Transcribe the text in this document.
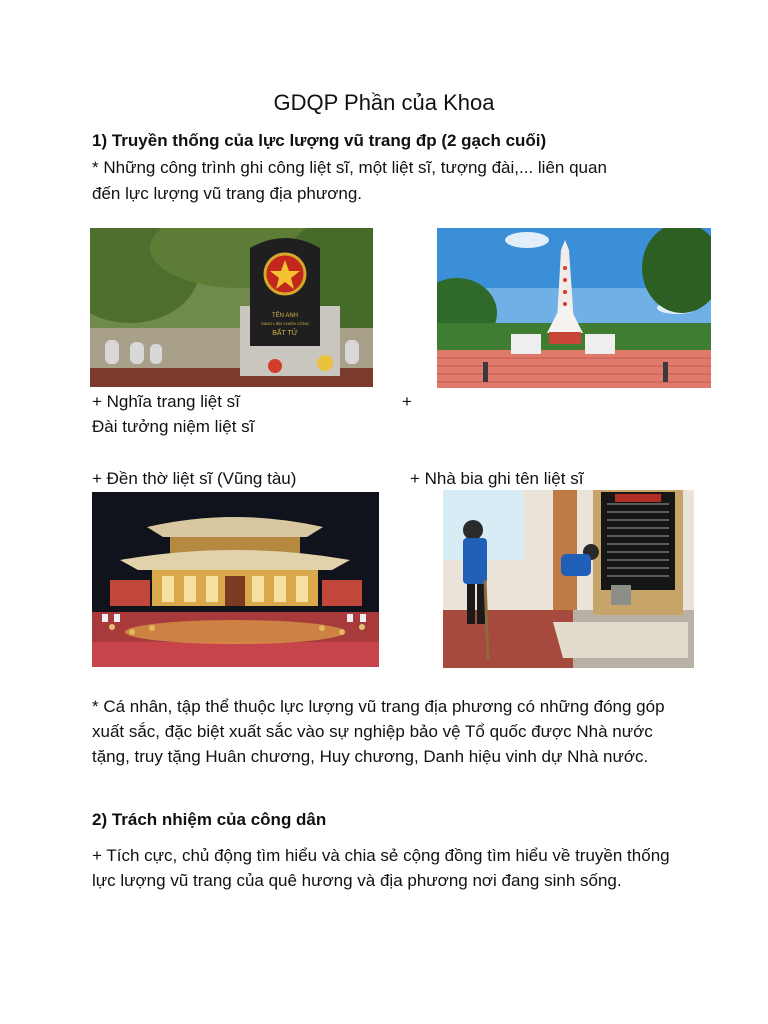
GDQP Phần của Khoa
1) Truyền thống của lực lượng vũ trang đp (2 gạch cuối)
* Những công trình ghi công liệt sĩ, một liệt sĩ, tượng đài,... liên quan
đến lực lượng vũ trang địa phương.
TÊN ANH
SÁNG LIÊN CHIẾN CÔNG
BẤT TỬ
+ Nghĩa trang liệt sĩ	+
Đài tưởng niệm liệt sĩ
+ Đền thờ liệt sĩ (Vũng tàu)	+ Nhà bia ghi tên liệt sĩ
* Cá nhân, tập thể thuộc lực lượng vũ trang địa phương có những đóng góp xuất sắc, đặc biệt xuất sắc vào sự nghiệp bảo vệ Tổ quốc được Nhà nước tặng, truy tặng Huân chương, Huy chương, Danh hiệu vinh dự Nhà nước.
2) Trách nhiệm của công dân
+ Tích cực, chủ động tìm hiểu và chia sẻ cộng đồng tìm hiểu về truyền thống lực lượng vũ trang của quê hương và địa phương nơi đang sinh sống.
